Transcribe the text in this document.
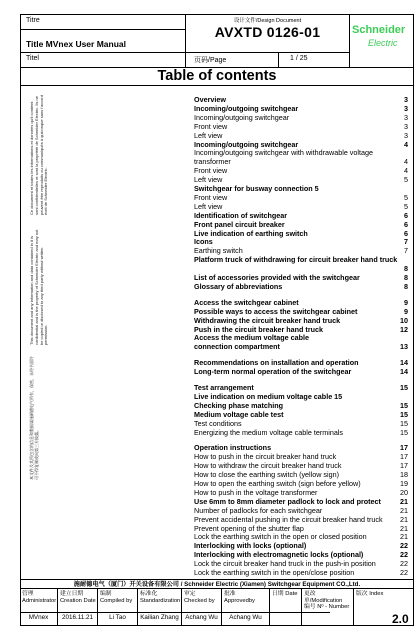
Titre
Title MVnex User Manual
Titel
设计文件/Design Document
AVXTD 0126-01
页码/Page	1 / 25
Schneider
Electric
Table of contents
Ce document et toutes les informations et données qu'il contient sont confidentielles et sont la propriété de Schneider Electric. Ils ne peuvent être reproduits ou communiqués à quiconque sans l'accord écrit de Schneider Electric.
This document and any information and data contained in it is confidential and is the property of Schneider Electric and may not be copied or disclosed to any third party without written permission.
本文件及其所包含的信息和数据属施耐德电气所有，保密，未经书面许可不得复制或向第三方披露。
Overview	3
Incoming/outgoing switchgear	3
Incoming/outgoing switchgear	3
Front view	3
Left view	3
Incoming/outgoing switchgear	4
Incoming/outgoing switchgear with withdrawable voltage
transformer	4
Front view	4
Left view	5
Switchgear for busway connection 5
Front view	5
Left view	5
Identification of switchgear	6
Front panel circuit breaker	6
Live indication of earthing switch	6
Icons	7
Earthing switch	7
Platform truck of withdrawing for circuit breaker hand truck
8
List of accessories provided with the switchgear	8
Glossary of abbreviations	8
Access the switchgear cabinet	9
Possible ways to access the switchgear cabinet	9
Withdrawing the circuit breaker hand truck	10
Push in the circuit breaker hand truck	12
Access the medium voltage cable
connection compartment	13
Recommendations on installation and operation	14
Long-term normal operation of the switchgear	14
Test arrangement	15
Live indication on medium voltage cable 15
Checking phase matching	15
Medium voltage cable test	15
Test conditions	15
Energizing the medium voltage cable terminals	15
Operation instructions	17
How to push in the circuit breaker hand truck	17
How to withdraw the circuit breaker hand truck	17
How to close the earthing switch (yellow sign)	18
How to open the earthing switch (sign before yellow)	19
How to push in the voltage transformer	20
Use 6mm to 8mm diameter padlock to lock and protect	21
Number of padlocks for each switchgear	21
Prevent accidental pushing in the circuit breaker hand truck 21
Prevent opening of the shutter flap	21
Lock the earthing switch in the open or closed position	21
Interlocking with locks (optional)	22
Interlocking with electromagnetic locks (optional)	22
Lock the circuit breaker hand truck in the push-in position	22
Lock the earthing switch in the open/close position	22
施耐德电气（厦门）开关设备有限公司 / Schneider Electric (Xiamen) Switchgear Equipment CO.,Ltd.
管理
Administrator
MVnex
建立日期
Creation Date
2016.11.21
编制
Compiled by
Li Tao
标准化
Standardization
Kailian Zhang
审定
Checked by
Achang Wu
批准
Approvedby
Achang Wu
日期 Date 更改单/Modification
编号 Nº - Number
版次 Index
2.0
